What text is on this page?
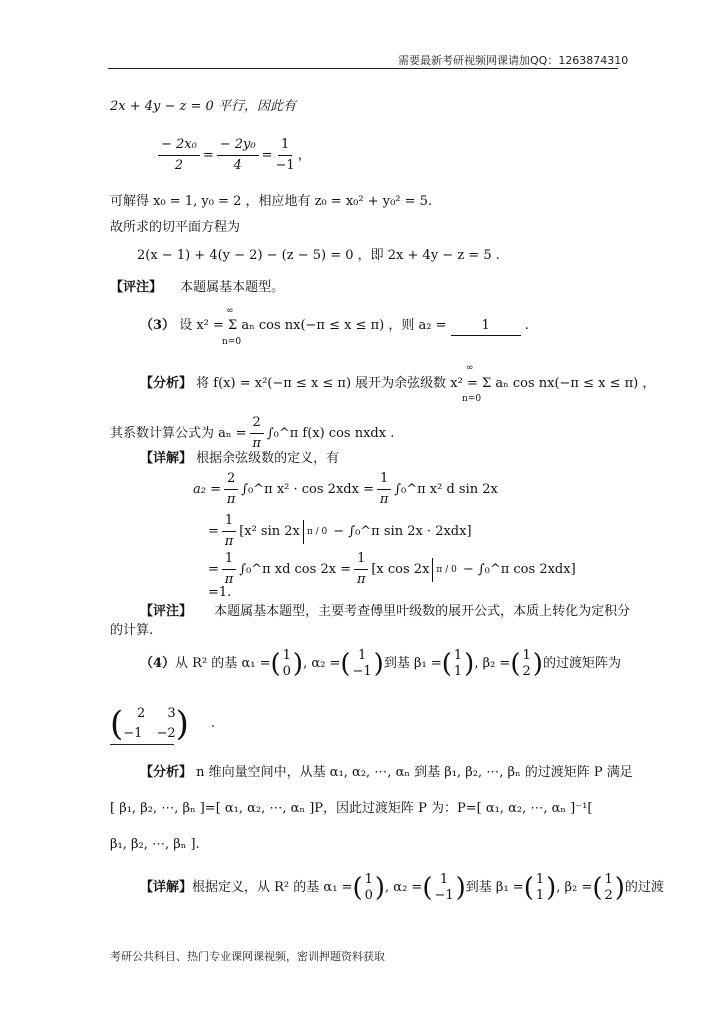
需要最新考研视频网课请加QQ：1263874310
2x + 4y − z = 0 平行，因此有
$\frac{\text{− 2x₀}}{2} = \frac{\text{− 2y₀}}{4} = \frac{1}{-1}$ ，
可解得 x₀ = 1, y₀ = 2 ，相应地有 z₀ = x₀² + y₀² = 5.
故所求的切平面方程为
2(x − 1) + 4(y − 2) − (z − 5) = 0 ，即 2x + 4y − z = 5 .
【评注】 本题属基本题型。
（3） 设 x² = Σ aₙ cos nx(−π ≤ x ≤ π) ，则 a₂ =	1	.
∞
n=0
【分析】 将 f(x) = x²(−π ≤ x ≤ π) 展开为余弦级数 x² = Σ aₙ cos nx(−π ≤ x ≤ π) ，
∞
n=0
其系数计算公式为 $a_n = \frac{2}{\pi}$ ∫₀^π f(x) cos nxdx .
【详解】 根据余弦级数的定义，有
$a_2 = \frac{2}{\pi}$ ∫₀^π $x^2 \cdot \cos 2xdx = \frac{1}{\pi}$ ∫₀^π x² d sin 2x
= $\frac{1}{\pi} [x^2$ sin 2x π / 0 − ∫₀^π sin 2x · 2xdx]
= $\frac{1}{\pi}$ ∫₀^π xd $\cos 2x = \frac{1}{\pi} [x$ cos 2x π / 0 − ∫₀^π cos 2xdx]
=1.
【评注】 本题属基本题型，主要考查傅里叶级数的展开公式，本质上转化为定积分
的计算.
（4） 从 R² 的基 α₁ = ( 1
0 ) , α₂ = ( 1
−1 ) 到基 β₁ = ( 1
1 ) , β₂ = ( 1
2 ) 的过渡矩阵为
( 2 3
−1 −2 ) .
【分析】 n 维向量空间中，从基 α₁, α₂, ⋯, αₙ 到基 β₁, β₂, ⋯, βₙ 的过渡矩阵 P 满足
[ β₁, β₂, ⋯, βₙ ]=[ α₁, α₂, ⋯, αₙ ]P，因此过渡矩阵 P 为：P=[ α₁, α₂, ⋯, αₙ ]⁻¹[
β₁, β₂, ⋯, βₙ ].
【详解】 根据定义，从 R² 的基 α₁ = ( 1
0 ) , α₂ = ( 1
−1 ) 到基 β₁ = ( 1
1 ) , β₂ = ( 1
2 ) 的过渡
考研公共科目、热门专业课网课视频，密训押题资料获取
